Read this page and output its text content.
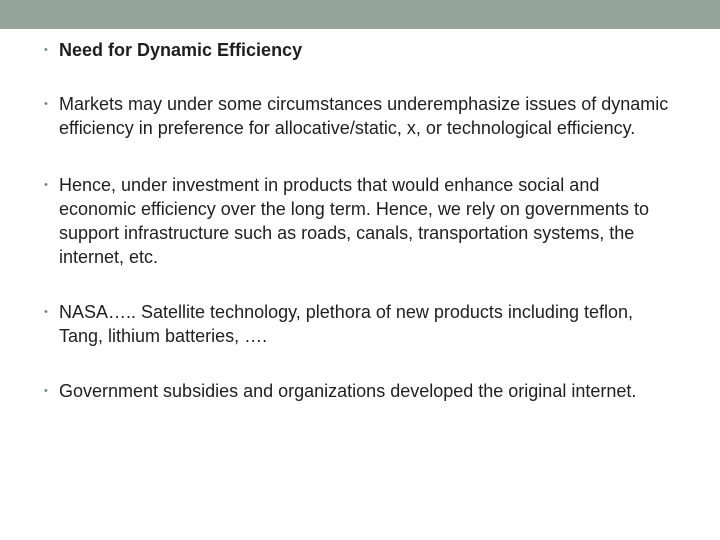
• Need for Dynamic Efficiency
• Markets may under some circumstances underemphasize issues of dynamic efficiency in preference for allocative/static, x, or technological efficiency.
• Hence, under investment in products that would enhance social and economic efficiency over the long term. Hence, we rely on governments to support infrastructure such as roads, canals, transportation systems, the internet, etc.
• NASA….. Satellite technology, plethora of new products including teflon, Tang, lithium batteries, ….
• Government subsidies and organizations developed the original internet.
